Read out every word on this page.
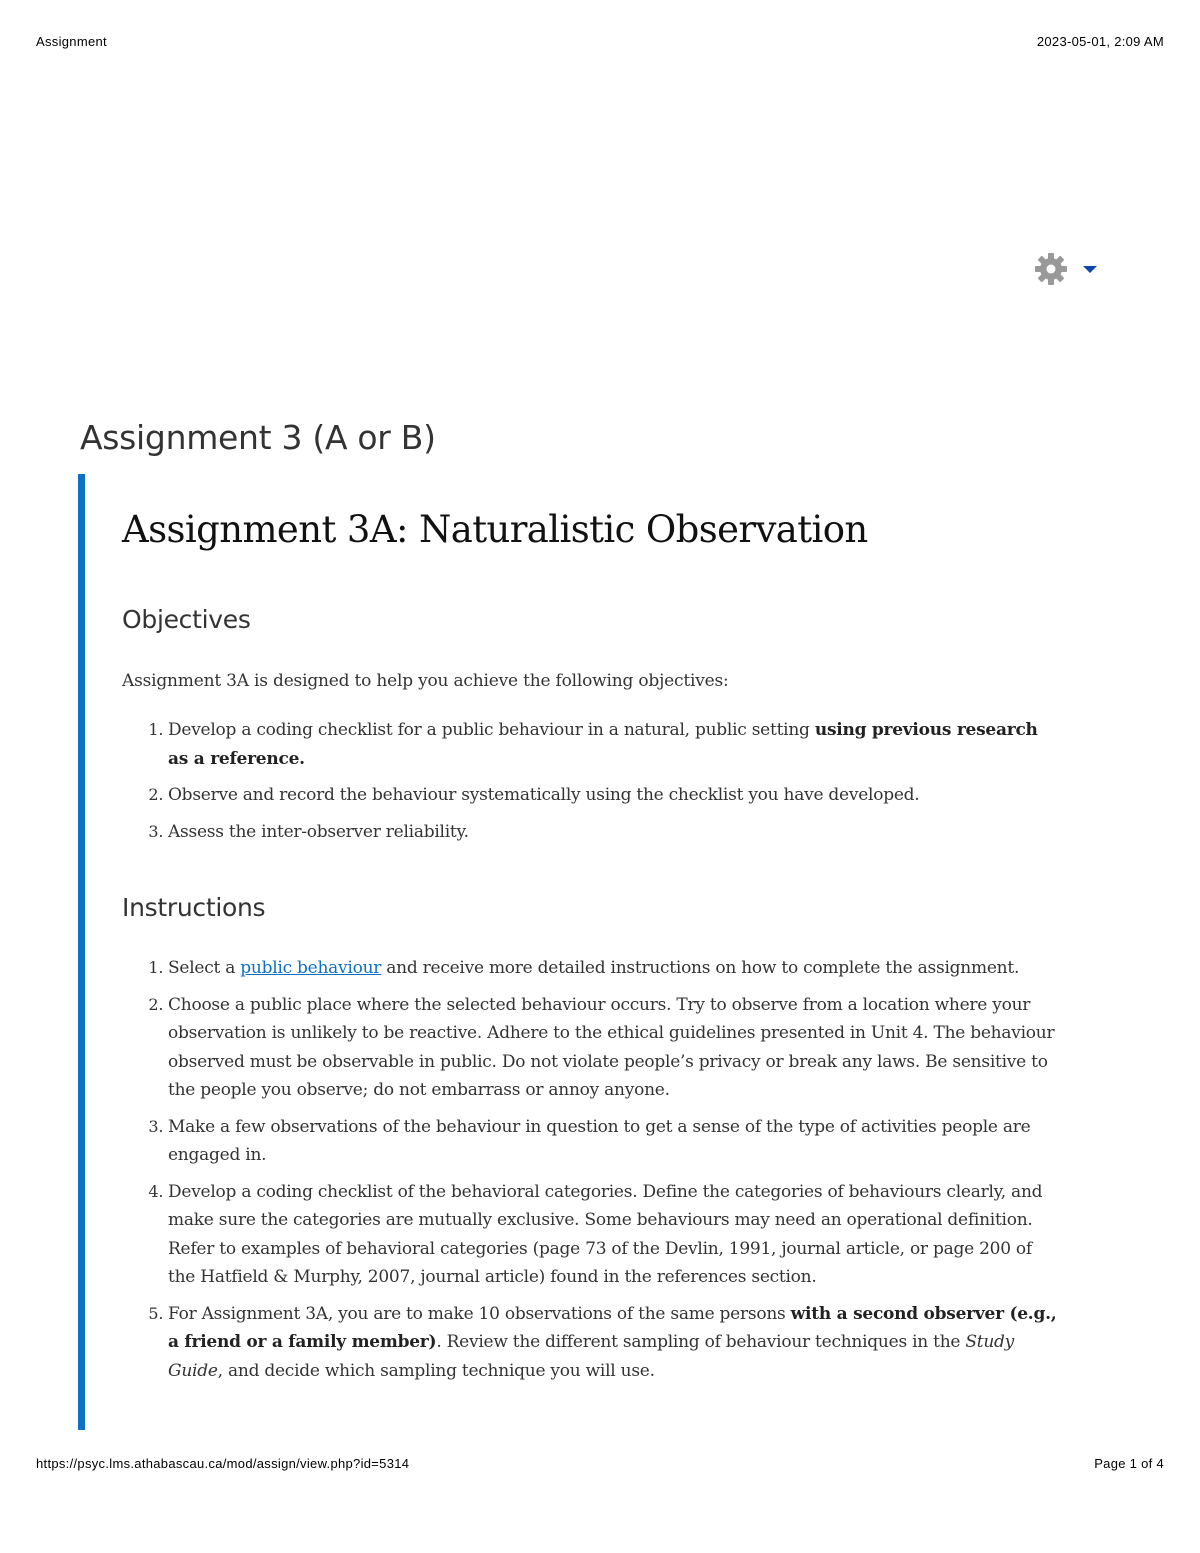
Assignment	2023-05-01, 2:09 AM
Assignment 3 (A or B)
Assignment 3A: Naturalistic Observation
Objectives

Assignment 3A is designed to help you achieve the following objectives:

1. Develop a coding checklist for a public behaviour in a natural, public setting using previous research as a reference.
2. Observe and record the behaviour systematically using the checklist you have developed.
3. Assess the inter-observer reliability.
Instructions
1. Select a public behaviour and receive more detailed instructions on how to complete the assignment.
2. Choose a public place where the selected behaviour occurs. Try to observe from a location where your observation is unlikely to be reactive. Adhere to the ethical guidelines presented in Unit 4. The behaviour observed must be observable in public. Do not violate people’s privacy or break any laws. Be sensitive to the people you observe; do not embarrass or annoy anyone.
3. Make a few observations of the behaviour in question to get a sense of the type of activities people are engaged in.
4. Develop a coding checklist of the behavioral categories. Define the categories of behaviours clearly, and make sure the categories are mutually exclusive. Some behaviours may need an operational definition. Refer to examples of behavioral categories (page 73 of the Devlin, 1991, journal article, or page 200 of the Hatfield & Murphy, 2007, journal article) found in the references section.
5. For Assignment 3A, you are to make 10 observations of the same persons with a second observer (e.g., a friend or a family member). Review the different sampling of behaviour techniques in the Study Guide, and decide which sampling technique you will use.
https://psyc.lms.athabascau.ca/mod/assign/view.php?id=5314	Page 1 of 4
